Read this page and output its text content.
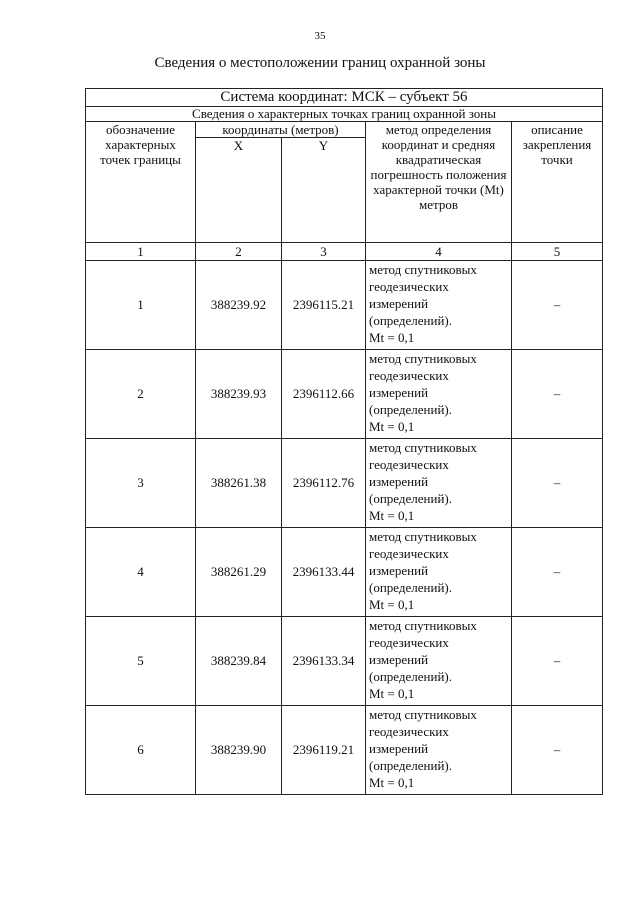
35
Сведения о местоположении границ охранной зоны
Система координат: МСК – субъект 56				
Сведения о характерных точках границ охранной зоны				
обозначение характерных точек границы	координаты (метров)		метод определения координат и средняя квадратическая погрешность положения характерной точки (Mt) метров	описание закрепления точки

	X	Y		

1	2	3	4	5
1	388239.92	2396115.21	метод спутниковых
геодезических
измерений
(определений).
Mt = 0,1	–
2	388239.93	2396112.66	метод спутниковых
геодезических
измерений
(определений).
Mt = 0,1	–
3	388261.38	2396112.76	метод спутниковых
геодезических
измерений
(определений).
Mt = 0,1	–
4	388261.29	2396133.44	метод спутниковых
геодезических
измерений
(определений).
Mt = 0,1	–
5	388239.84	2396133.34	метод спутниковых
геодезических
измерений
(определений).
Mt = 0,1	–
6	388239.90	2396119.21	метод спутниковых
геодезических
измерений
(определений).
Mt = 0,1	–
